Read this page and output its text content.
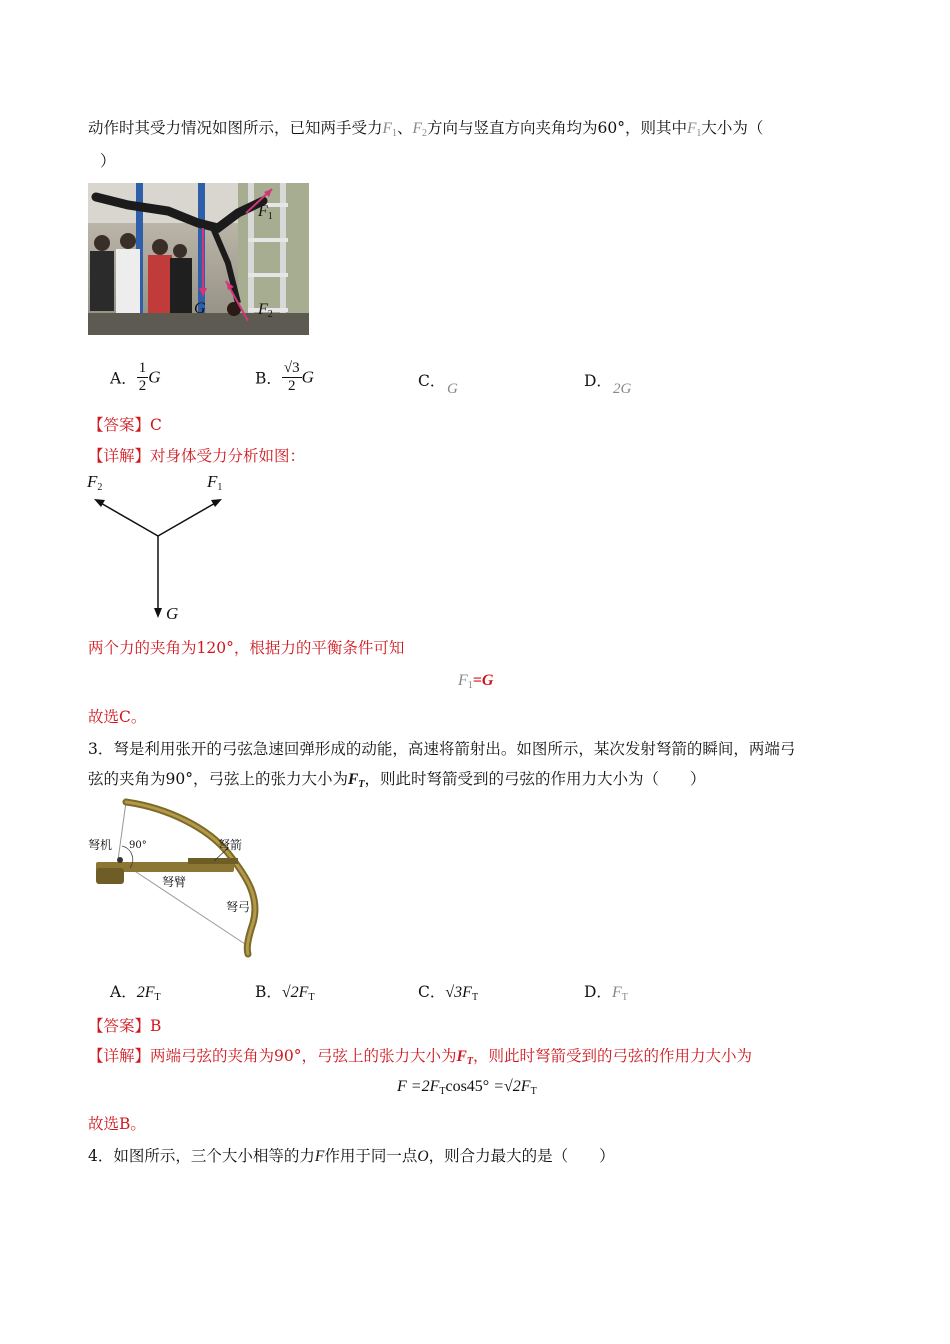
动作时其受力情况如图所示，已知两手受力$F_1$、$F_2$方向与竖直方向夹角均为60°，则其中$F_1$大小为（
）
$F_1$
G	$F_2$
A． $\frac{1}{2}$ G	B． $\frac{√3}{2}$ G	C． G	D． 2G
【答案】C
【详解】对身体受力分析如图：
$F_2$	$F_1$
G
两个力的夹角为120°，根据力的平衡条件可知
$F_1=G$
故选C。
3．弩是利用张开的弓弦急速回弹形成的动能，高速将箭射出。如图所示，某次发射弩箭的瞬间，两端弓
弦的夹角为90°，弓弦上的张力大小为$F_T$，则此时弩箭受到的弓弦的作用力大小为（　　）
弩机 90°	弩箭
弩臂
弩弓
A．$2F_T$	B．$√2F_T$	C．$√3F_T$	D．$F_T$
【答案】B
【详解】两端弓弦的夹角为90°，弓弦上的张力大小为$F_T$，则此时弩箭受到的弓弦的作用力大小为
$F =2F_T\cos 45^\circ =√2F_T$
故选B。
4．如图所示，三个大小相等的力F作用于同一点O，则合力最大的是（　　）
